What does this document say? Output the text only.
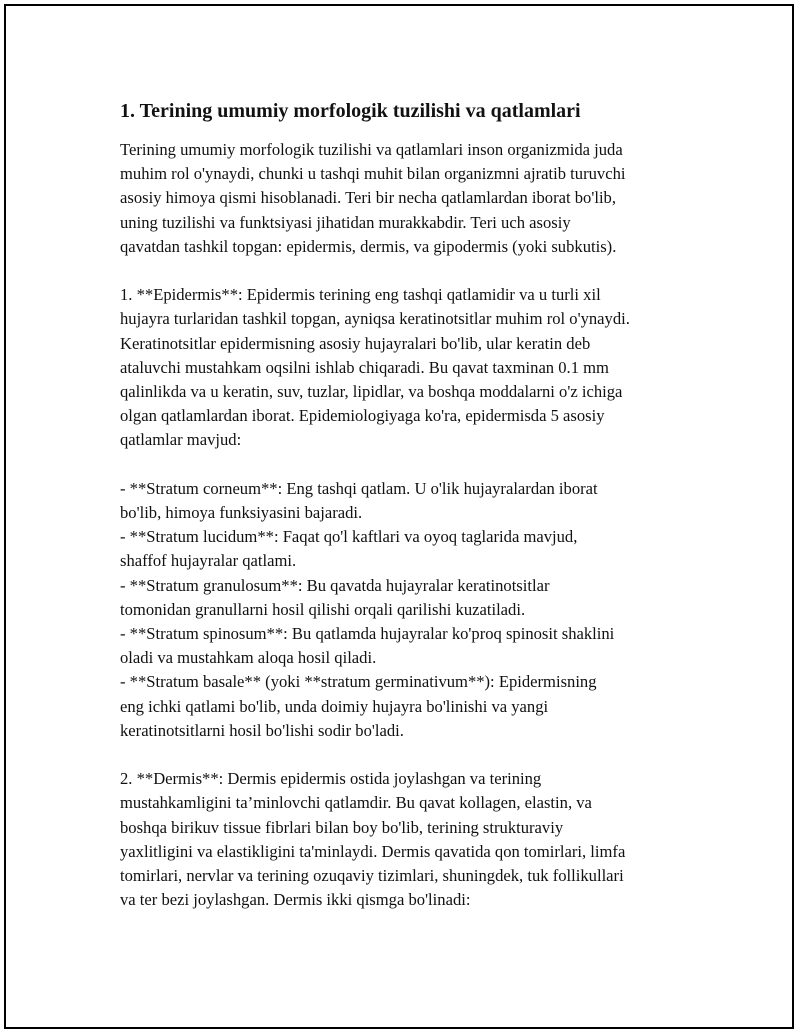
1. Terining umumiy morfologik tuzilishi va qatlamlari

Terining umumiy morfologik tuzilishi va qatlamlari inson organizmida juda
muhim rol o'ynaydi, chunki u tashqi muhit bilan organizmni ajratib turuvchi
asosiy himoya qismi hisoblanadi. Teri bir necha qatlamlardan iborat bo'lib,
uning tuzilishi va funktsiyasi jihatidan murakkabdir. Teri uch asosiy
qavatdan tashkil topgan: epidermis, dermis, va gipodermis (yoki subkutis).

1. **Epidermis**: Epidermis terining eng tashqi qatlamidir va u turli xil
hujayra turlaridan tashkil topgan, ayniqsa keratinotsitlar muhim rol o'ynaydi.
Keratinotsitlar epidermisning asosiy hujayralari bo'lib, ular keratin deb
ataluvchi mustahkam oqsilni ishlab chiqaradi. Bu qavat taxminan 0.1 mm
qalinlikda va u keratin, suv, tuzlar, lipidlar, va boshqa moddalarni o'z ichiga
olgan qatlamlardan iborat. Epidemiologiyaga ko'ra, epidermisda 5 asosiy
qatlamlar mavjud:

- **Stratum corneum**: Eng tashqi qatlam. U o'lik hujayralardan iborat
bo'lib, himoya funksiyasini bajaradi.
- **Stratum lucidum**: Faqat qo'l kaftlari va oyoq taglarida mavjud,
shaffof hujayralar qatlami.
- **Stratum granulosum**: Bu qavatda hujayralar keratinotsitlar
tomonidan granullarni hosil qilishi orqali qarilishi kuzatiladi.
- **Stratum spinosum**: Bu qatlamda hujayralar ko'proq spinosit shaklini
oladi va mustahkam aloqa hosil qiladi.
- **Stratum basale** (yoki **stratum germinativum**): Epidermisning
eng ichki qatlami bo'lib, unda doimiy hujayra bo'linishi va yangi
keratinotsitlarni hosil bo'lishi sodir bo'ladi.

2. **Dermis**: Dermis epidermis ostida joylashgan va terining
mustahkamligini ta’minlovchi qatlamdir. Bu qavat kollagen, elastin, va
boshqa birikuv tissue fibrlari bilan boy bo'lib, terining strukturaviy
yaxlitligini va elastikligini ta'minlaydi. Dermis qavatida qon tomirlari, limfa
tomirlari, nervlar va terining ozuqaviy tizimlari, shuningdek, tuk follikullari
va ter bezi joylashgan. Dermis ikki qismga bo'linadi:
